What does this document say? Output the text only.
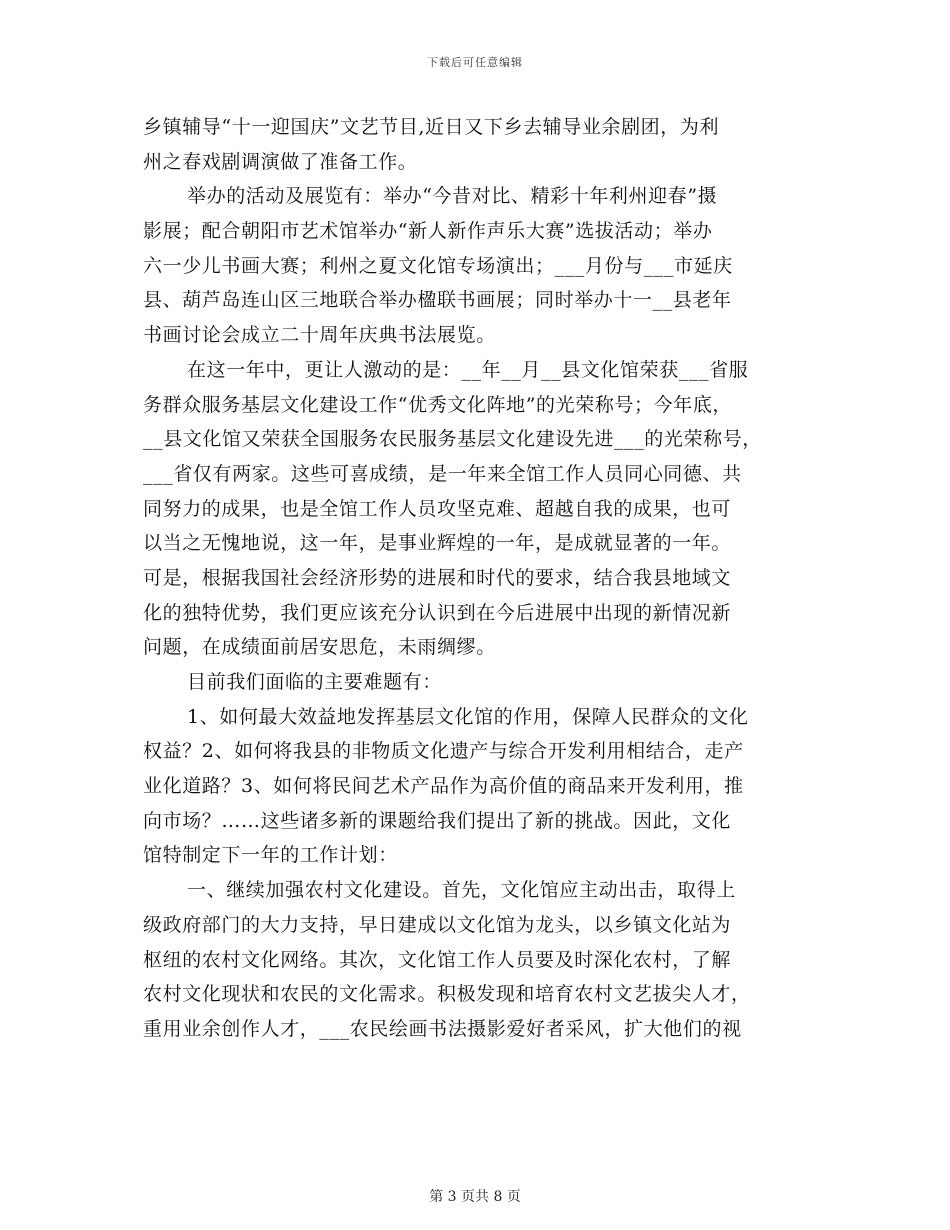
下载后可任意编辑
乡镇辅导“十一迎国庆”文艺节目,近日又下乡去辅导业余剧团，为利
州之春戏剧调演做了准备工作。
举办的活动及展览有：举办“今昔对比、精彩十年利州迎春”摄
影展；配合朝阳市艺术馆举办“新人新作声乐大赛”选拔活动；举办
六一少儿书画大赛；利州之夏文化馆专场演出；___月份与___市延庆
县、葫芦岛连山区三地联合举办楹联书画展；同时举办十一__县老年
书画讨论会成立二十周年庆典书法展览。
在这一年中，更让人激动的是：__年__月__县文化馆荣获___省服
务群众服务基层文化建设工作“优秀文化阵地”的光荣称号；今年底，
__县文化馆又荣获全国服务农民服务基层文化建设先进___的光荣称号，
___省仅有两家。这些可喜成绩，是一年来全馆工作人员同心同德、共
同努力的成果，也是全馆工作人员攻坚克难、超越自我的成果，也可
以当之无愧地说，这一年，是事业辉煌的一年，是成就显著的一年。
可是，根据我国社会经济形势的进展和时代的要求，结合我县地域文
化的独特优势，我们更应该充分认识到在今后进展中出现的新情况新
问题，在成绩面前居安思危，未雨绸缪。
目前我们面临的主要难题有：
1、如何最大效益地发挥基层文化馆的作用，保障人民群众的文化
权益？2、如何将我县的非物质文化遗产与综合开发利用相结合，走产
业化道路？3、如何将民间艺术产品作为高价值的商品来开发利用，推
向市场？……这些诸多新的课题给我们提出了新的挑战。因此，文化
馆特制定下一年的工作计划：
一、继续加强农村文化建设。首先，文化馆应主动出击，取得上
级政府部门的大力支持，早日建成以文化馆为龙头，以乡镇文化站为
枢纽的农村文化网络。其次，文化馆工作人员要及时深化农村，了解
农村文化现状和农民的文化需求。积极发现和培育农村文艺拔尖人才，
重用业余创作人才，___农民绘画书法摄影爱好者采风，扩大他们的视
第 3 页共 8 页
